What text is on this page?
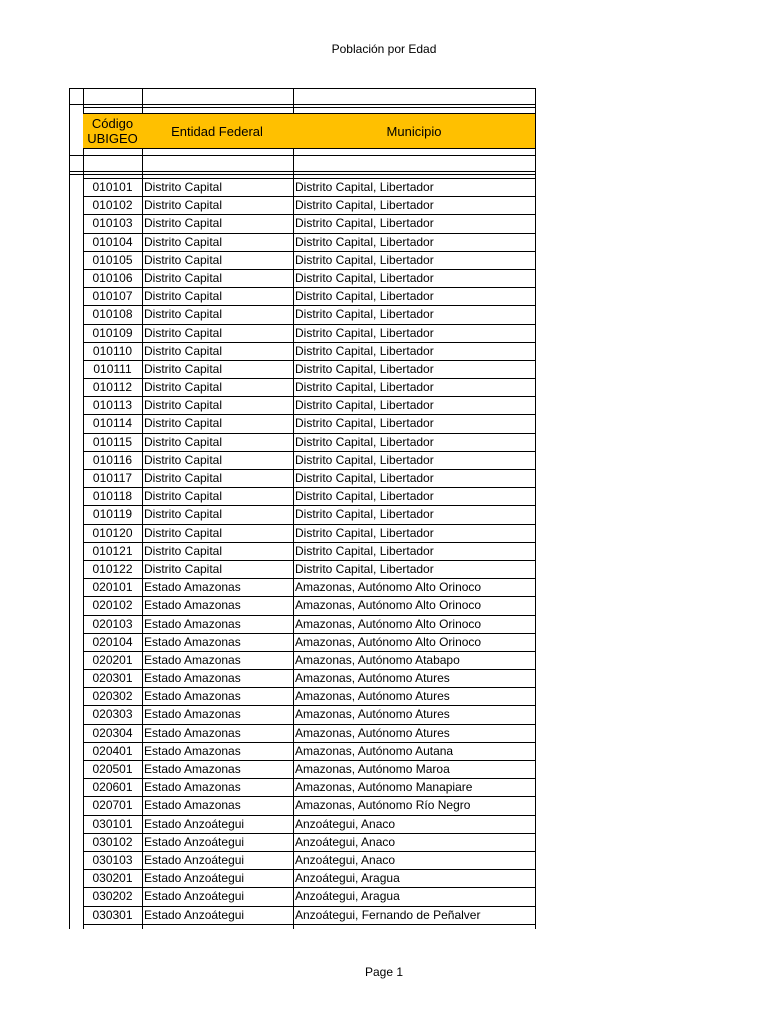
Población por Edad
Código
UBIGEO	Entidad Federal	Municipio
010101 Distrito Capital	Distrito Capital, Libertador
010102 Distrito Capital	Distrito Capital, Libertador
010103 Distrito Capital	Distrito Capital, Libertador
010104 Distrito Capital	Distrito Capital, Libertador
010105 Distrito Capital	Distrito Capital, Libertador
010106 Distrito Capital	Distrito Capital, Libertador
010107 Distrito Capital	Distrito Capital, Libertador
010108 Distrito Capital	Distrito Capital, Libertador
010109 Distrito Capital	Distrito Capital, Libertador
010110 Distrito Capital	Distrito Capital, Libertador
010111	Distrito Capital	Distrito Capital, Libertador
010112 Distrito Capital	Distrito Capital, Libertador
010113 Distrito Capital	Distrito Capital, Libertador
010114 Distrito Capital	Distrito Capital, Libertador
010115 Distrito Capital	Distrito Capital, Libertador
010116 Distrito Capital	Distrito Capital, Libertador
010117 Distrito Capital	Distrito Capital, Libertador
010118 Distrito Capital	Distrito Capital, Libertador
010119 Distrito Capital	Distrito Capital, Libertador
010120 Distrito Capital	Distrito Capital, Libertador
010121 Distrito Capital	Distrito Capital, Libertador
010122 Distrito Capital	Distrito Capital, Libertador
020101 Estado Amazonas	Amazonas, Autónomo Alto Orinoco
020102 Estado Amazonas	Amazonas, Autónomo Alto Orinoco
020103 Estado Amazonas	Amazonas, Autónomo Alto Orinoco
020104 Estado Amazonas	Amazonas, Autónomo Alto Orinoco
020201 Estado Amazonas	Amazonas, Autónomo Atabapo
020301 Estado Amazonas	Amazonas, Autónomo Atures
020302 Estado Amazonas	Amazonas, Autónomo Atures
020303 Estado Amazonas	Amazonas, Autónomo Atures
020304 Estado Amazonas	Amazonas, Autónomo Atures
020401 Estado Amazonas	Amazonas, Autónomo Autana
020501 Estado Amazonas	Amazonas, Autónomo Maroa
020601 Estado Amazonas	Amazonas, Autónomo Manapiare
020701 Estado Amazonas	Amazonas, Autónomo Río Negro
030101 Estado Anzoátegui	Anzoátegui, Anaco
030102 Estado Anzoátegui	Anzoátegui, Anaco
030103 Estado Anzoátegui	Anzoátegui, Anaco
030201 Estado Anzoátegui	Anzoátegui, Aragua
030202 Estado Anzoátegui	Anzoátegui, Aragua
030301 Estado Anzoátegui	Anzoátegui, Fernando de Peñalver
Page 1
